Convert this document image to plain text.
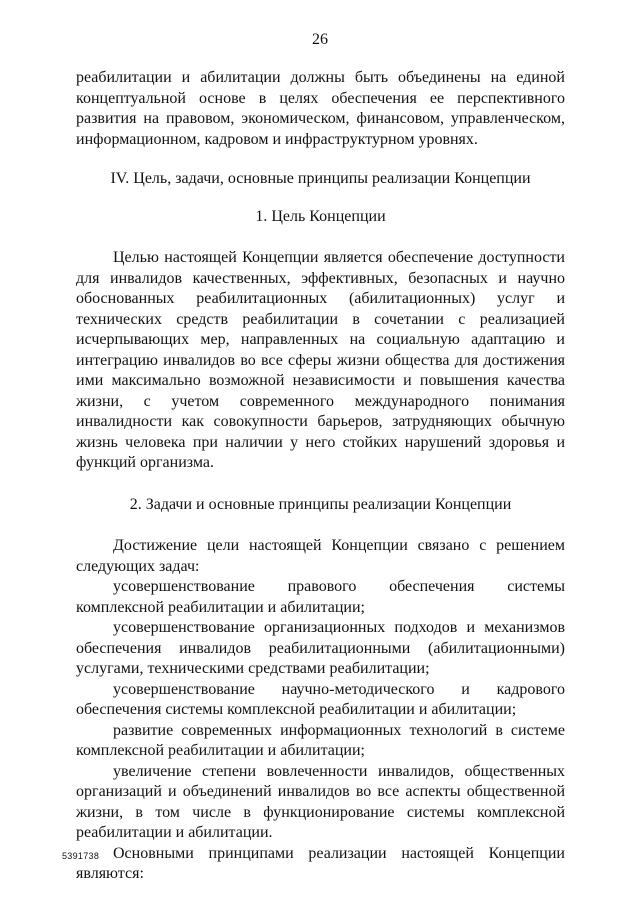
26

реабилитации и абилитации должны быть объединены на единой концептуальной основе в целях обеспечения ее перспективного развития на правовом, экономическом, финансовом, управленческом, информационном, кадровом и инфраструктурном уровнях.

IV. Цель, задачи, основные принципы реализации Концепции
1. Цель Концепции

Целью настоящей Концепции является обеспечение доступности для инвалидов качественных, эффективных, безопасных и научно обоснованных реабилитационных (абилитационных) услуг и технических средств реабилитации в сочетании с реализацией исчерпывающих мер, направленных на социальную адаптацию и интеграцию инвалидов во все сферы жизни общества для достижения ими максимально возможной независимости и повышения качества жизни, с учетом современного международного понимания инвалидности как совокупности барьеров, затрудняющих обычную жизнь человека при наличии у него стойких нарушений здоровья и функций организма.

2. Задачи и основные принципы реализации Концепции

Достижение цели настоящей Концепции связано с решением следующих задач:

усовершенствование правового обеспечения системы комплексной реабилитации и абилитации;

усовершенствование организационных подходов и механизмов обеспечения инвалидов реабилитационными (абилитационными) услугами, техническими средствами реабилитации;

усовершенствование научно-методического и кадрового обеспечения системы комплексной реабилитации и абилитации;

развитие современных информационных технологий в системе комплексной реабилитации и абилитации;

увеличение степени вовлеченности инвалидов, общественных организаций и объединений инвалидов во все аспекты общественной жизни, в том числе в функционирование системы комплексной реабилитации и абилитации.

Основными принципами реализации настоящей Концепции являются:

5391738
